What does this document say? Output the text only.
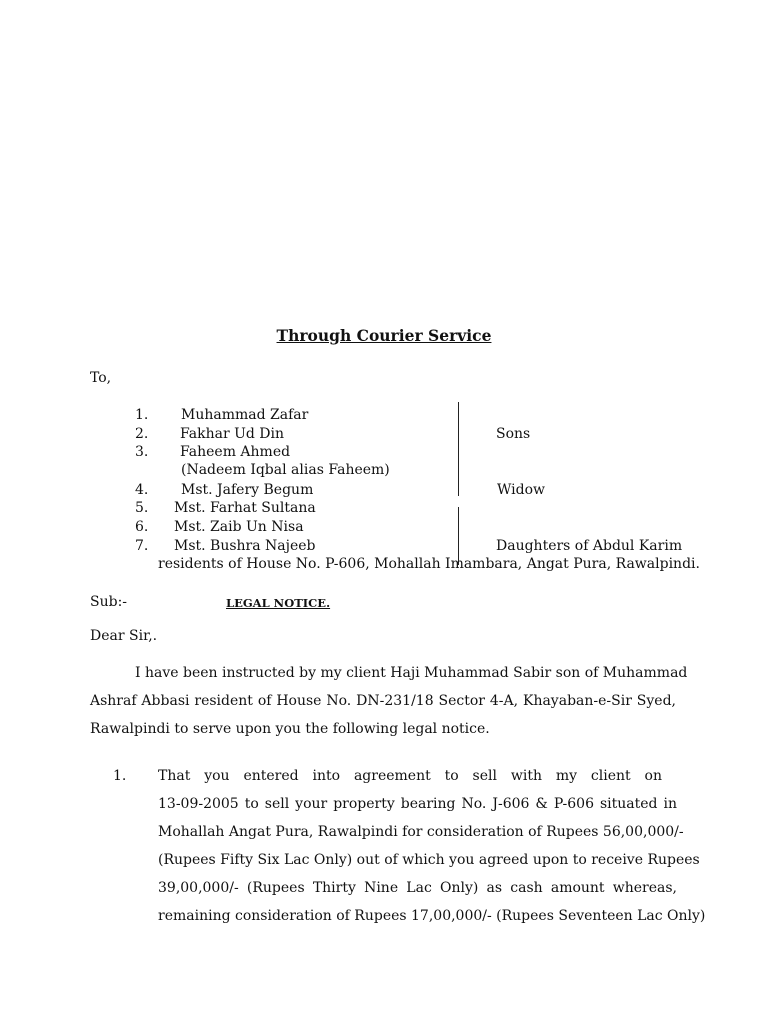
Through Courier Service
To,
1. Muhammad Zafar
2. Fakhar Ud Din
3. Faheem Ahmed
(Nadeem Iqbal alias Faheem)
4. Mst. Jafery Begum
5. Mst. Farhat Sultana
6. Mst. Zaib Un Nisa
7. Mst. Bushra Najeeb
Sons
Widow
Daughters of Abdul Karim
residents of House No. P-606, Mohallah Imambara, Angat Pura, Rawalpindi.
Sub:-	LEGAL NOTICE.
Dear Sir,.
I have been instructed by my client Haji Muhammad Sabir son of Muhammad
Ashraf Abbasi resident of House No. DN-231/18 Sector 4-A, Khayaban-e-Sir Syed,
Rawalpindi to serve upon you the following legal notice.
1. That you entered into agreement to sell with my client on
13-09-2005 to sell your property bearing No. J-606 & P-606 situated in
Mohallah Angat Pura, Rawalpindi for consideration of Rupees 56,00,000/-
(Rupees Fifty Six Lac Only) out of which you agreed upon to receive Rupees
39,00,000/- (Rupees Thirty Nine Lac Only) as cash amount whereas,
remaining consideration of Rupees 17,00,000/- (Rupees Seventeen Lac Only)
